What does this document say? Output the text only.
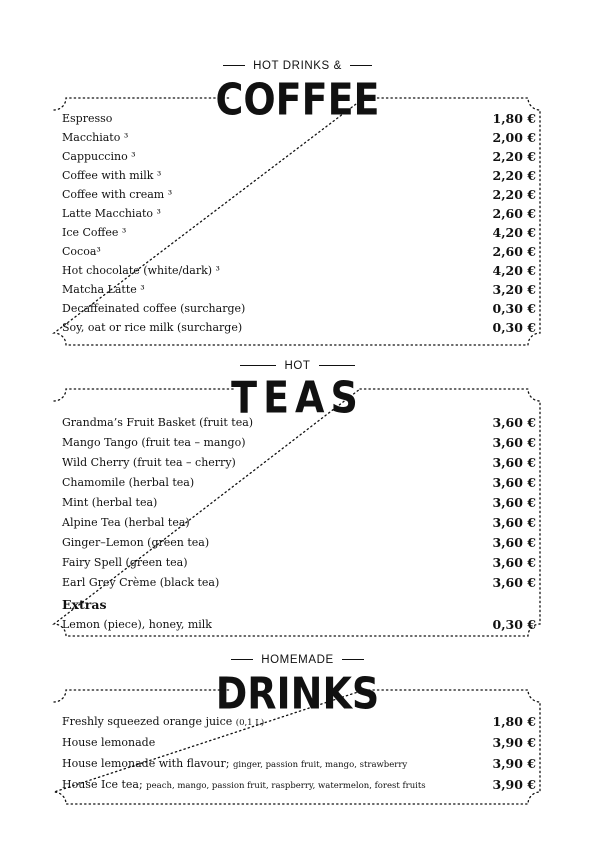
HOT DRINKS &
COFFEE
Espresso	1,80 €
Macchiato ³	2,00 €
Cappuccino ³	2,20 €
Coffee with milk ³	2,20 €
Coffee with cream ³	2,20 €
Latte Macchiato ³	2,60 €
Ice Coffee ³	4,20 €
Cocoa³	2,60 €
Hot chocolate (white/dark) ³	4,20 €
Matcha Latte ³	3,20 €
Decaffeinated coffee (surcharge)	0,30 €
Soy, oat or rice milk (surcharge)	0,30 €
HOT
TEAS
Grandma’s Fruit Basket (fruit tea)	3,60 €
Mango Tango (fruit tea – mango)	3,60 €
Wild Cherry (fruit tea – cherry)	3,60 €
Chamomile (herbal tea)	3,60 €
Mint (herbal tea)	3,60 €
Alpine Tea (herbal tea)	3,60 €
Ginger–Lemon (green tea)	3,60 €
Fairy Spell (green tea)	3,60 €
Earl Grey Crème (black tea)	3,60 €
Extras
Lemon (piece), honey, milk	0,30 €
HOMEMADE
DRINKS
Freshly squeezed orange juice (0,1 L)	1,80 €
House lemonade	3,90 €
House lemonade with flavour; ginger, passion fruit, mango, strawberry	3,90 €
House Ice tea; peach, mango, passion fruit, raspberry, watermelon, forest fruits	3,90 €
